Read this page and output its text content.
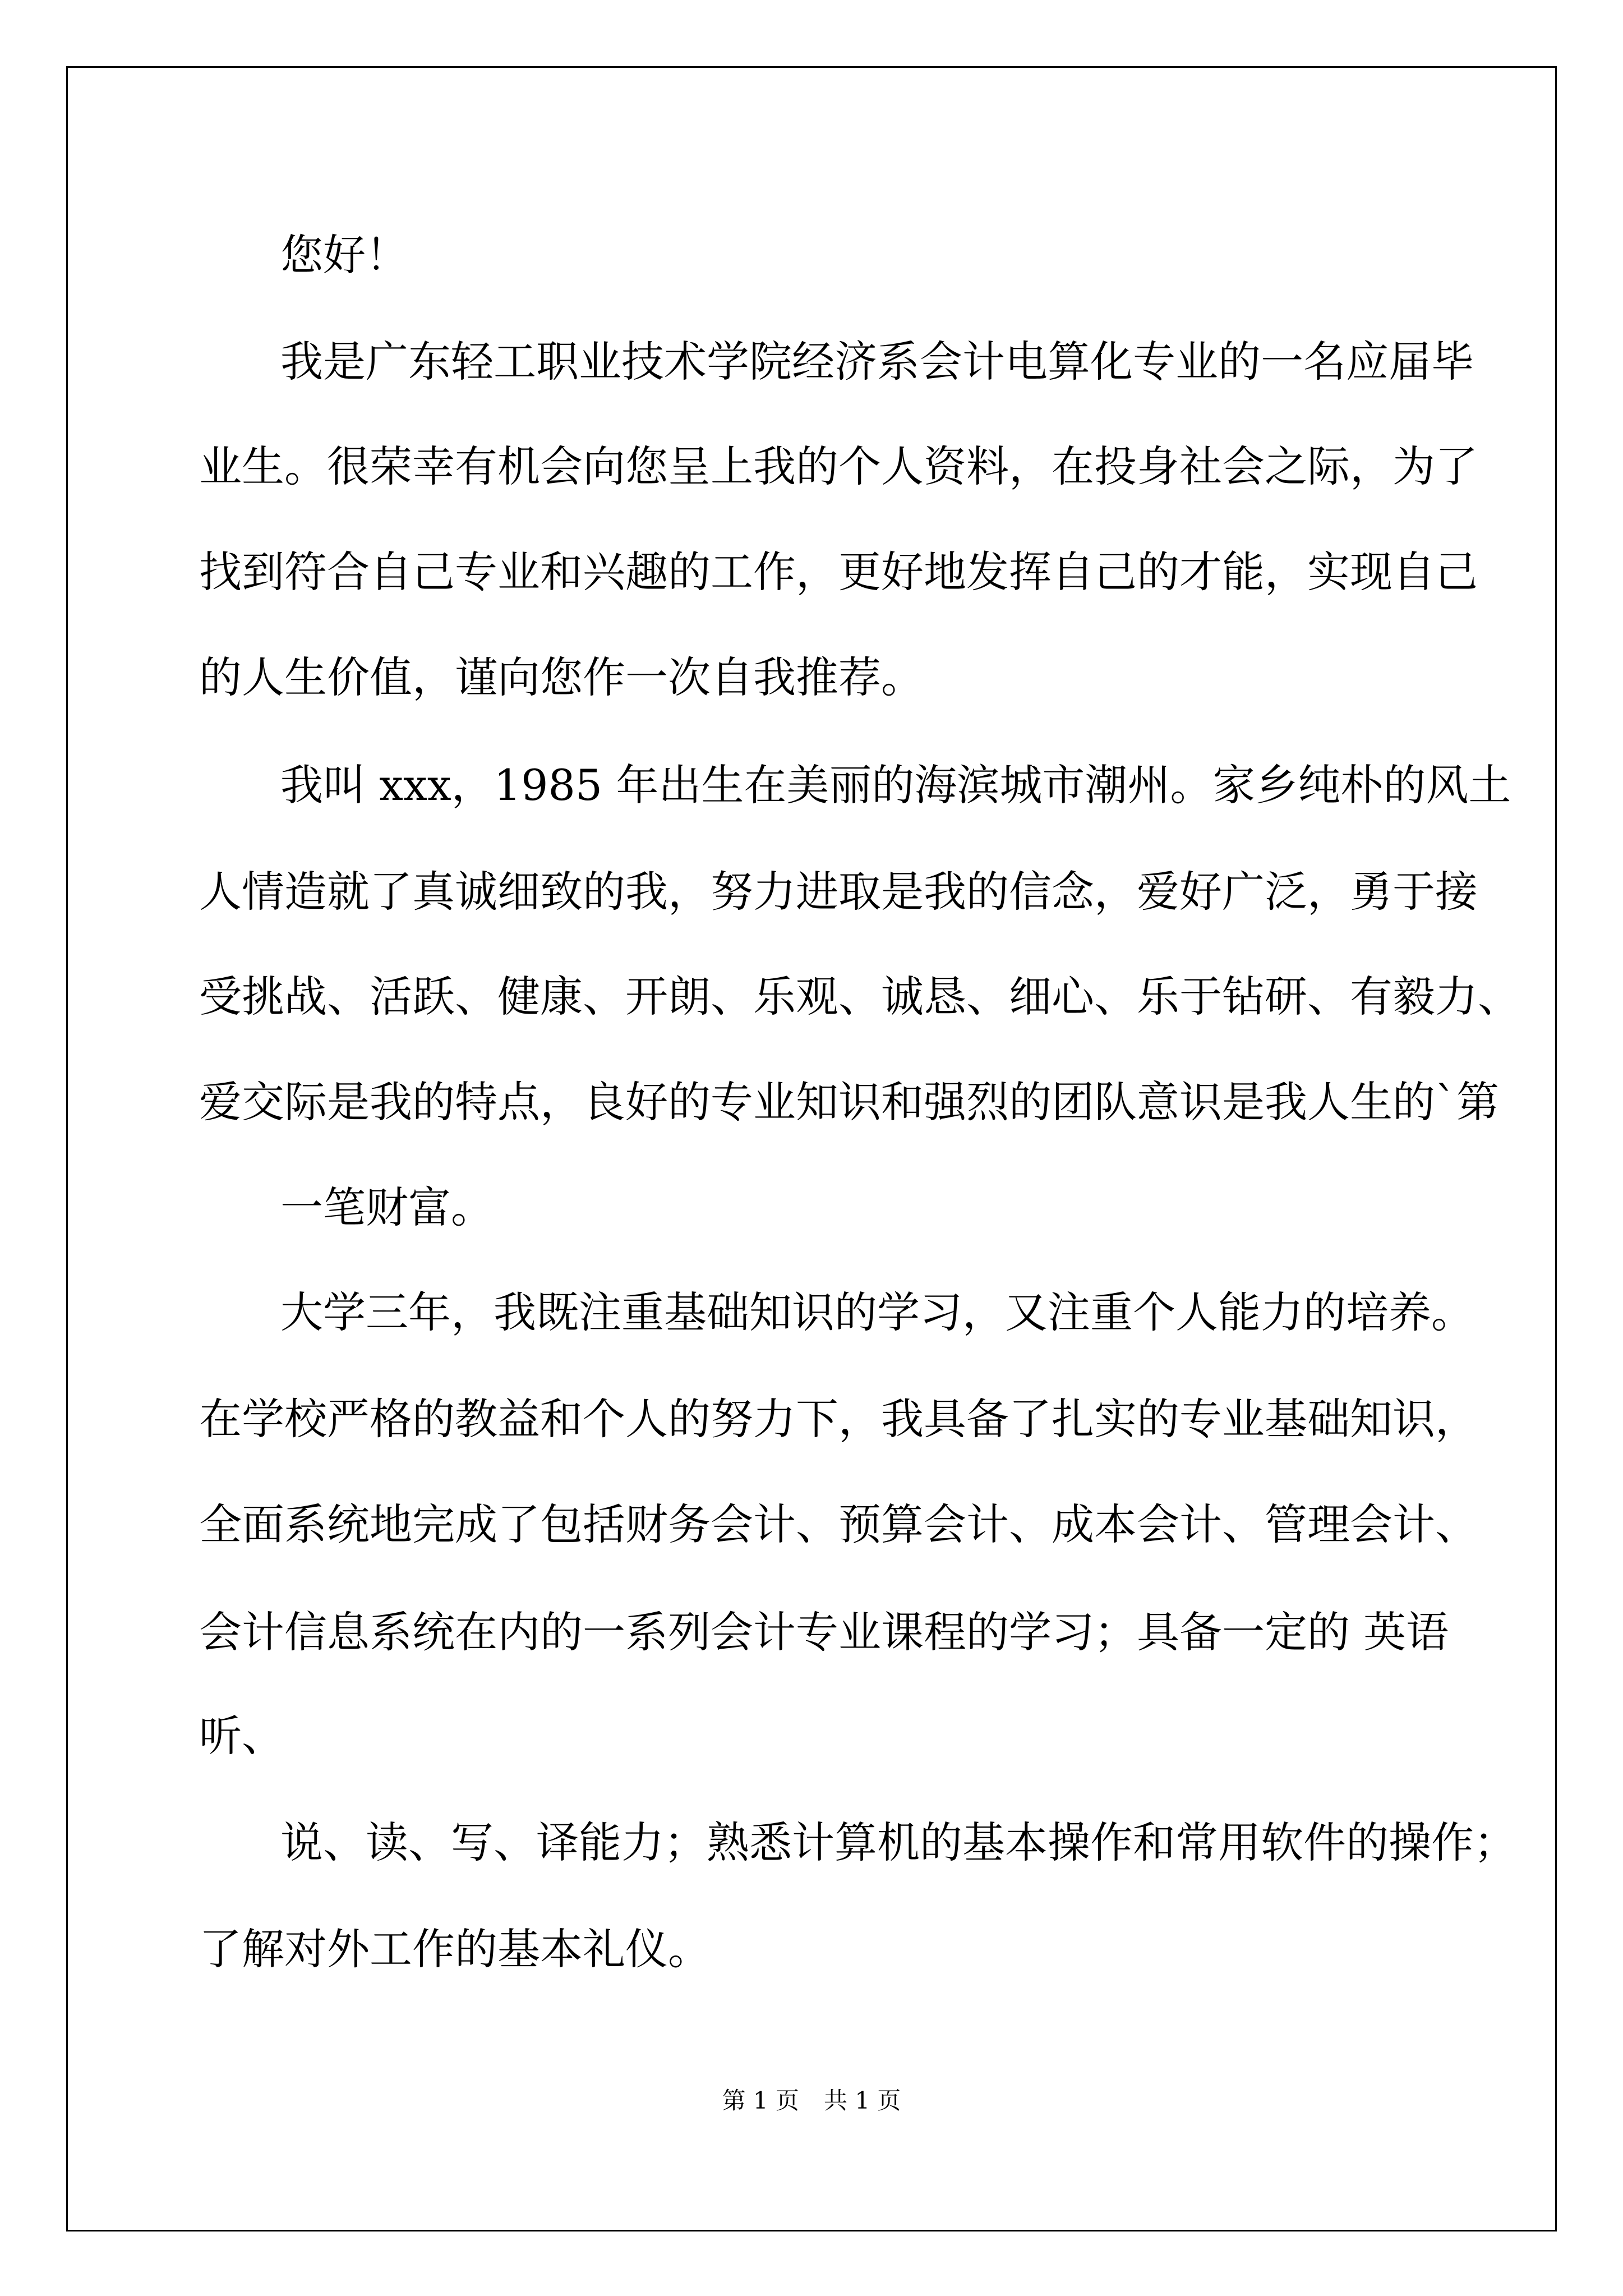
您好！
我是广东轻工职业技术学院经济系会计电算化专业的一名应届毕
业生。很荣幸有机会向您呈上我的个人资料，在投身社会之际，为了
找到符合自己专业和兴趣的工作，更好地发挥自己的才能，实现自己
的人生价值，谨向您作一次自我推荐。
我叫 xxx，1985 年出生在美丽的海滨城市潮州。家乡纯朴的风土
人情造就了真诚细致的我，努力进取是我的信念，爱好广泛，勇于接
受挑战、活跃、健康、开朗、乐观、诚恳、细心、乐于钻研、有毅力、
爱交际是我的特点，良好的专业知识和强烈的团队意识是我人生的`第
一笔财富。
大学三年，我既注重基础知识的学习，又注重个人能力的培养。
在学校严格的教益和个人的努力下，我具备了扎实的专业基础知识，
全面系统地完成了包括财务会计、预算会计、成本会计、管理会计、
会计信息系统在内的一系列会计专业课程的学习；具备一定的 英语
听、
说、读、写、译能力；熟悉计算机的基本操作和常用软件的操作；
了解对外工作的基本礼仪。
第 1 页 共 1 页
